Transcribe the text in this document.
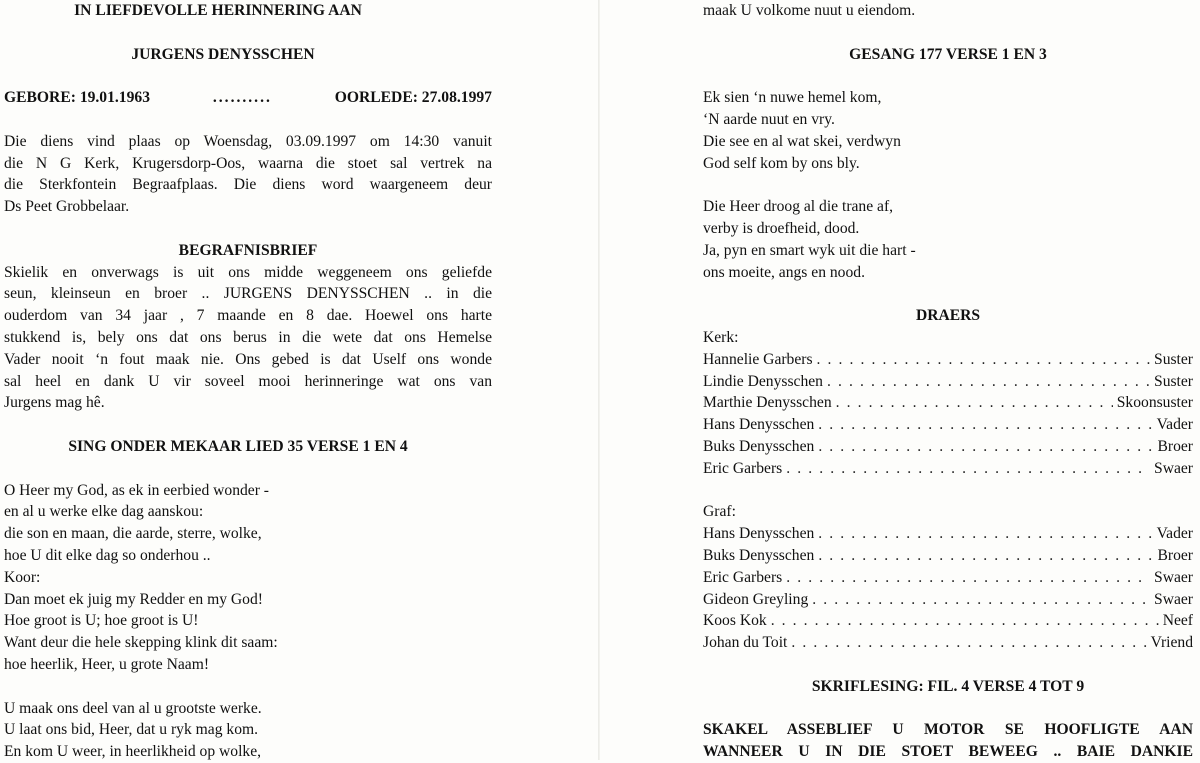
IN LIEFDEVOLLE HERINNERING AAN
JURGENS DENYSSCHEN
GEBORE: 19.01.1963	..........	OORLEDE: 27.08.1997
Die diens vind plaas op Woensdag, 03.09.1997 om 14:30 vanuit
die N G Kerk, Krugersdorp-Oos, waarna die stoet sal vertrek na
die Sterkfontein Begraafplaas. Die diens word waargeneem deur
Ds Peet Grobbelaar.
BEGRAFNISBRIEF
Skielik en onverwags is uit ons midde weggeneem ons geliefde
seun, kleinseun en broer .. JURGENS DENYSSCHEN .. in die
ouderdom van 34 jaar , 7 maande en 8 dae. Hoewel ons harte
stukkend is, bely ons dat ons berus in die wete dat ons Hemelse
Vader nooit ‘n fout maak nie. Ons gebed is dat Uself ons wonde
sal heel en dank U vir soveel mooi herinneringe wat ons van
Jurgens mag hê.
SING ONDER MEKAAR LIED 35 VERSE 1 EN 4
O Heer my God, as ek in eerbied wonder -
en al u werke elke dag aanskou:
die son en maan, die aarde, sterre, wolke,
hoe U dit elke dag so onderhou ..
Koor:
Dan moet ek juig my Redder en my God!
Hoe groot is U; hoe groot is U!
Want deur die hele skepping klink dit saam:
hoe heerlik, Heer, u grote Naam!
U maak ons deel van al u grootste werke.
U laat ons bid, Heer, dat u ryk mag kom.
En kom U weer, in heerlikheid op wolke,
maak U volkome nuut u eiendom.
GESANG 177 VERSE 1 EN 3
Ek sien ‘n nuwe hemel kom,
‘N aarde nuut en vry.
Die see en al wat skei, verdwyn
God self kom by ons bly.
Die Heer droog al die trane af,
verby is droefheid, dood.
Ja, pyn en smart wyk uit die hart -
ons moeite, angs en nood.
DRAERS
Kerk:
Hannelie Garbers . . .	Suster
Lindie Denysschen . . .	Suster
Marthie Denysschen . . .	Skoonsuster
Hans Denysschen . . .	Vader
Buks Denysschen . . .	Broer
Eric Garbers . . .	Swaer
Graf:
Hans Denysschen . . .	Vader
Buks Denysschen . . .	Broer
Eric Garbers . . .	Swaer
Gideon Greyling . . .	Swaer
Koos Kok . . .	Neef
Johan du Toit . . .	Vriend
SKRIFLESING: FIL. 4 VERSE 4 TOT 9
SKAKEL ASSEBLIEF U MOTOR SE HOOFLIGTE AAN
WANNEER U IN DIE STOET BEWEEG .. BAIE DANKIE
